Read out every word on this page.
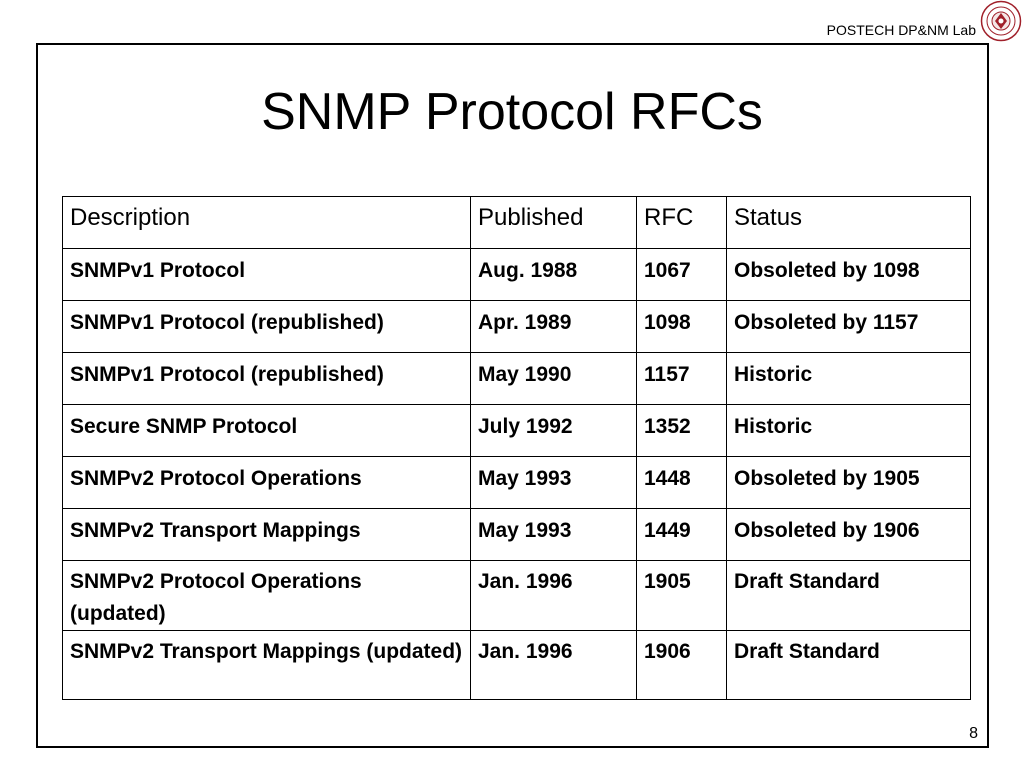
POSTECH DP&NM Lab
SNMP Protocol RFCs
Description	Published	RFC	Status
SNMPv1 Protocol	Aug. 1988	1067	Obsoleted by 1098
SNMPv1 Protocol (republished)	Apr. 1989	1098	Obsoleted by 1157
SNMPv1 Protocol (republished)	May 1990	1157	Historic
Secure SNMP Protocol	July 1992	1352	Historic
SNMPv2 Protocol Operations	May 1993	1448	Obsoleted by 1905
SNMPv2 Transport Mappings	May 1993	1449	Obsoleted by 1906
SNMPv2 Protocol Operations (updated)	Jan. 1996	1905	Draft Standard
SNMPv2 Transport Mappings (updated)	Jan. 1996	1906	Draft Standard
8
